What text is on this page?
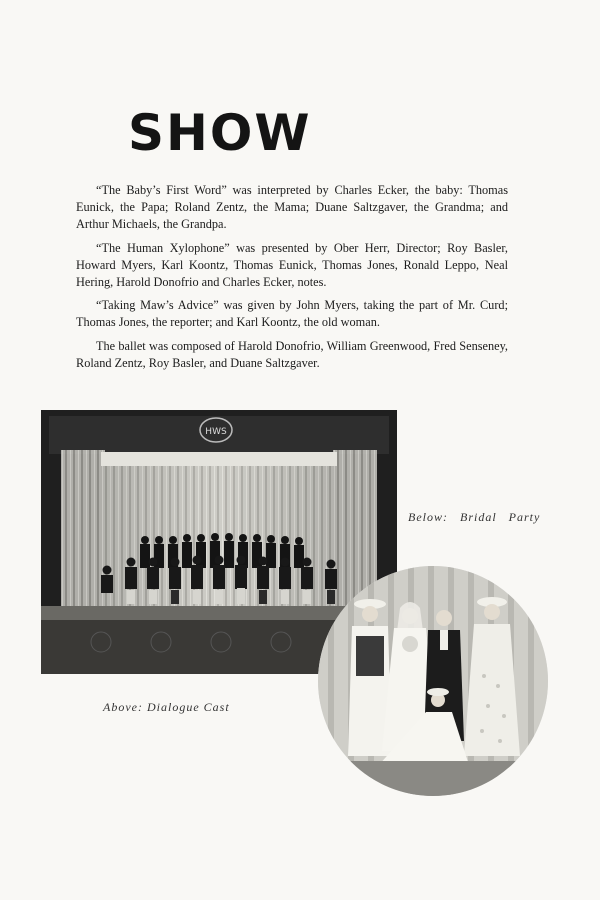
SHOW

“The Baby’s First Word” was interpreted by Charles Ecker, the baby: Thomas Eunick, the Papa; Roland Zentz, the Mama; Duane Saltzgaver, the Grandma; and Arthur Michaels, the Grandpa.

“The Human Xylophone” was presented by Ober Herr, Director; Roy Basler, Howard Myers, Karl Koontz, Thomas Eunick, Thomas Jones, Ronald Leppo, Neal Hering, Harold Donofrio and Charles Ecker, notes.

“Taking Maw’s Advice” was given by John Myers, taking the part of Mr. Curd; Thomas Jones, the reporter; and Karl Koontz, the old woman.

The ballet was composed of Harold Donofrio, William Greenwood, Fred Senseney, Roland Zentz, Roy Basler, and Duane Saltzgaver.

HWS
Below: Bridal Party
Above: Dialogue Cast
